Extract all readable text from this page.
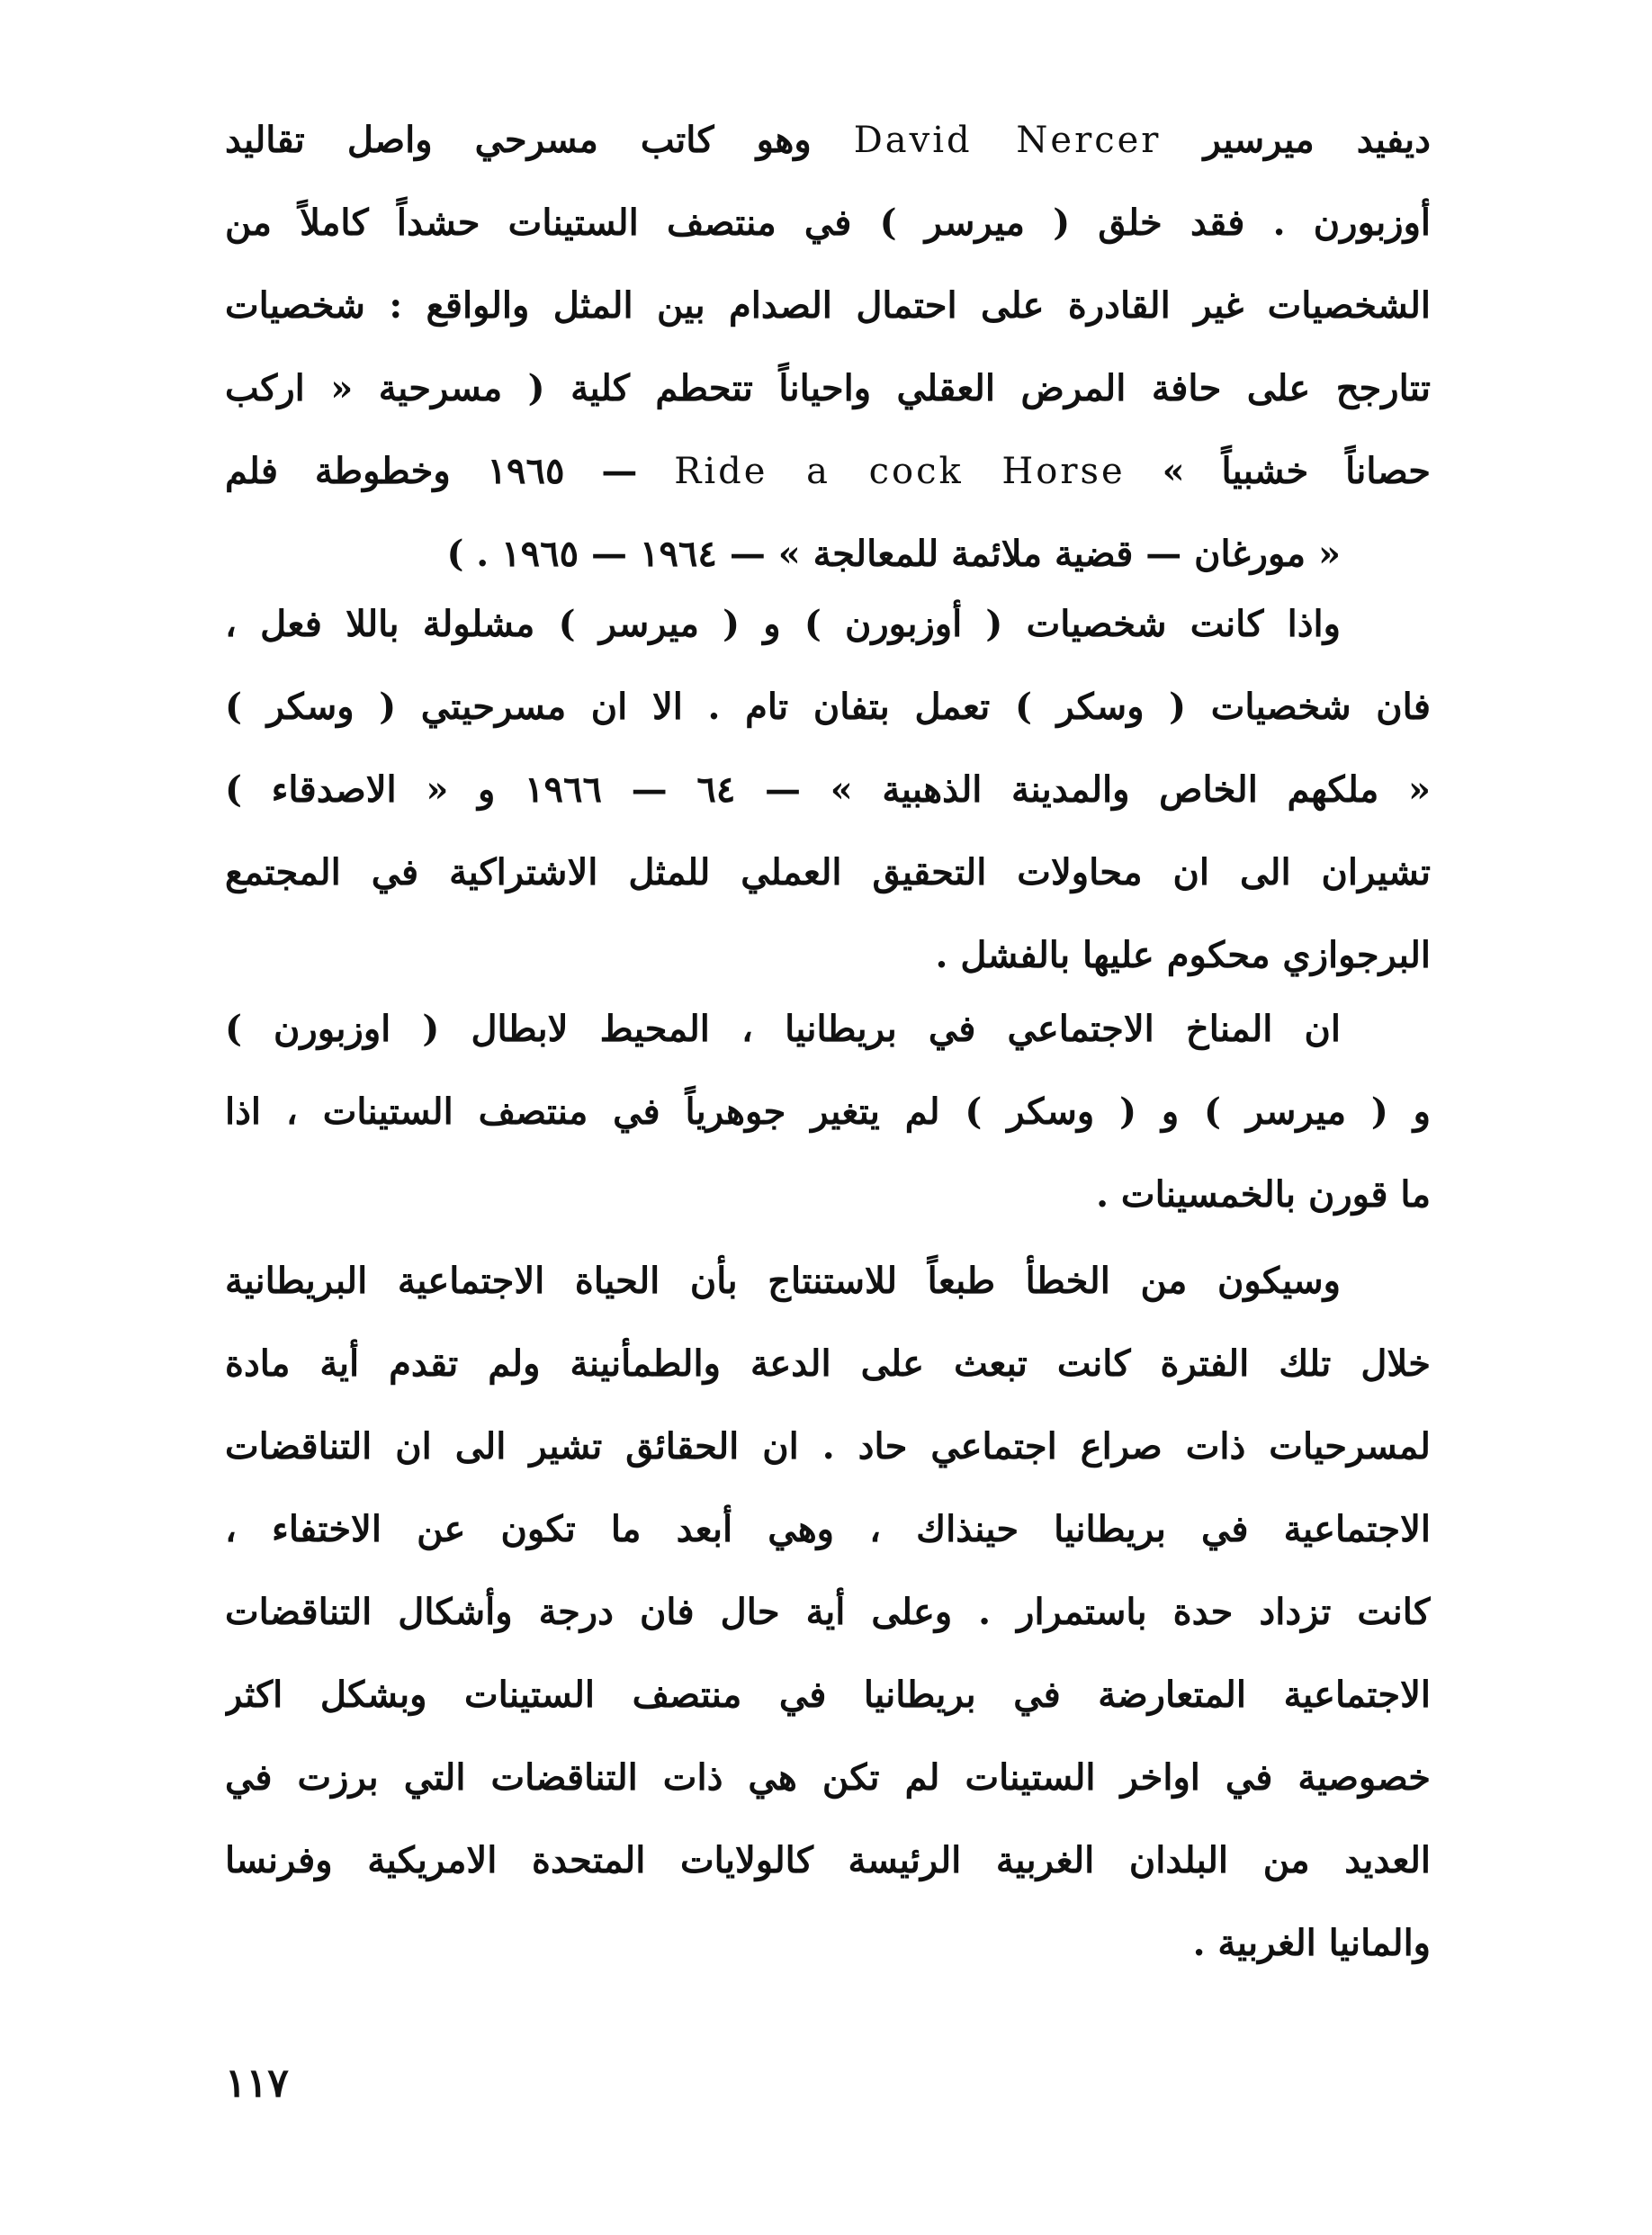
ديفيد ميرسير David Nercer وهو كاتب مسرحي واصل تقاليد
أوزبورن . فقد خلق ( ميرسر ) في منتصف الستينات حشداً كاملاً من
الشخصيات غير القادرة على احتمال الصدام بين المثل والواقع : شخصيات
تتارجح على حافة المرض العقلي واحياناً تتحطم كلية ( مسرحية « اركب
حصاناً خشبياً » Ride a cock Horse — ١٩٦٥ وخطوطة فلم
« مورغان — قضية ملائمة للمعالجة » — ١٩٦٤ — ١٩٦٥ . )
واذا كانت شخصيات ( أوزبورن ) و ( ميرسر ) مشلولة باللا فعل ،
فان شخصيات ( وسكر ) تعمل بتفان تام . الا ان مسرحيتي ( وسكر )
« ملكهم الخاص والمدينة الذهبية » — ٦٤ — ١٩٦٦ و « الاصدقاء )
تشيران الى ان محاولات التحقيق العملي للمثل الاشتراكية في المجتمع
البرجوازي محكوم عليها بالفشل .
ان المناخ الاجتماعي في بريطانيا ، المحيط لابطال ( اوزبورن )
و ( ميرسر ) و ( وسكر ) لم يتغير جوهرياً في منتصف الستينات ، اذا
ما قورن بالخمسينات .
وسيكون من الخطأ طبعاً للاستنتاج بأن الحياة الاجتماعية البريطانية
خلال تلك الفترة كانت تبعث على الدعة والطمأنينة ولم تقدم أية مادة
لمسرحيات ذات صراع اجتماعي حاد . ان الحقائق تشير الى ان التناقضات
الاجتماعية في بريطانيا حينذاك ، وهي أبعد ما تكون عن الاختفاء ،
كانت تزداد حدة باستمرار . وعلى أية حال فان درجة وأشكال التناقضات
الاجتماعية المتعارضة في بريطانيا في منتصف الستينات وبشكل اكثر
خصوصية في اواخر الستينات لم تكن هي ذات التناقضات التي برزت في
العديد من البلدان الغربية الرئيسة كالولايات المتحدة الامريكية وفرنسا
والمانيا الغربية .
١١٧
